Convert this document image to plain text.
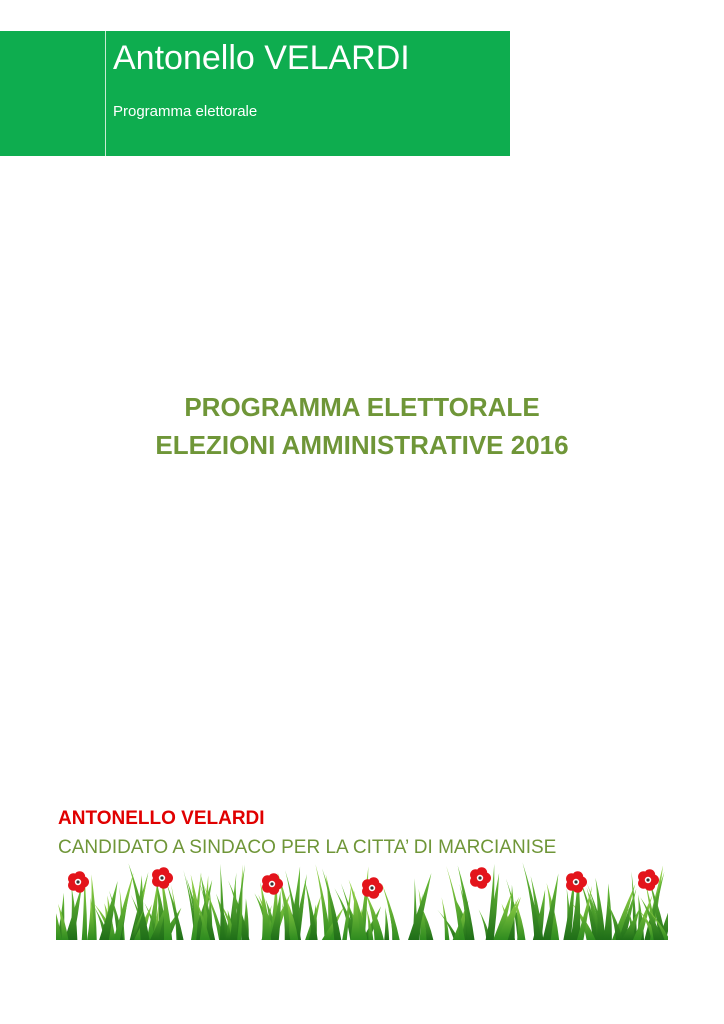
Antonello VELARDI
Programma elettorale
PROGRAMMA ELETTORALE
ELEZIONI AMMINISTRATIVE 2016
ANTONELLO VELARDI
CANDIDATO A SINDACO PER LA CITTA’ DI MARCIANISE
